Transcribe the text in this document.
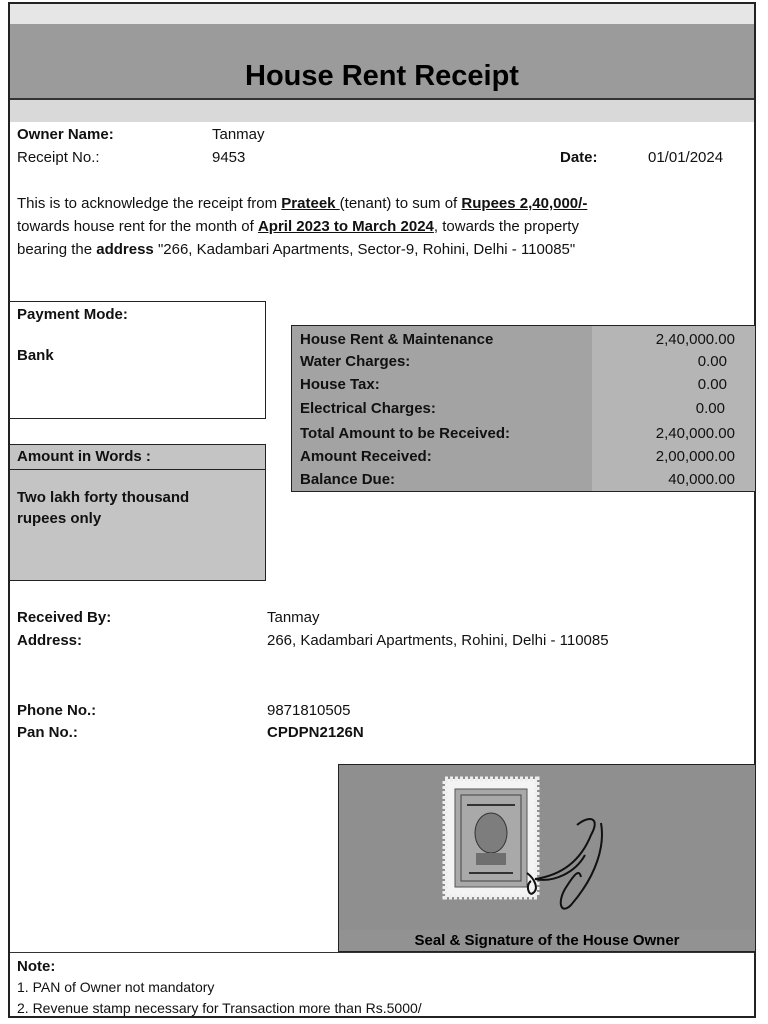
House Rent Receipt
Owner Name:	Tanmay
Receipt No.:	9453	Date:	01/01/2024
This is to acknowledge the receipt from Prateek (tenant) to sum of Rupees 2,40,000/-
towards house rent for the month of April 2023 to March 2024, towards the property
bearing the address "266, Kadambari Apartments, Sector-9, Rohini, Delhi - 110085"
Payment Mode:
Bank
Amount in Words :
Two lakh forty thousand
rupees only
House Rent & Maintenance	2,40,000.00
Water Charges:	0.00
House Tax:	0.00
Electrical Charges:	0.00
Total Amount to be Received:	2,40,000.00
Amount Received:	2,00,000.00
Balance Due:	40,000.00
Received By:	Tanmay
Address:	266, Kadambari Apartments, Rohini, Delhi - 110085
Phone No.:	9871810505
Pan No.:	CPDPN2126N
Seal & Signature of the House Owner
Note:
1. PAN of Owner not mandatory
2. Revenue stamp necessary for Transaction more than Rs.5000/
